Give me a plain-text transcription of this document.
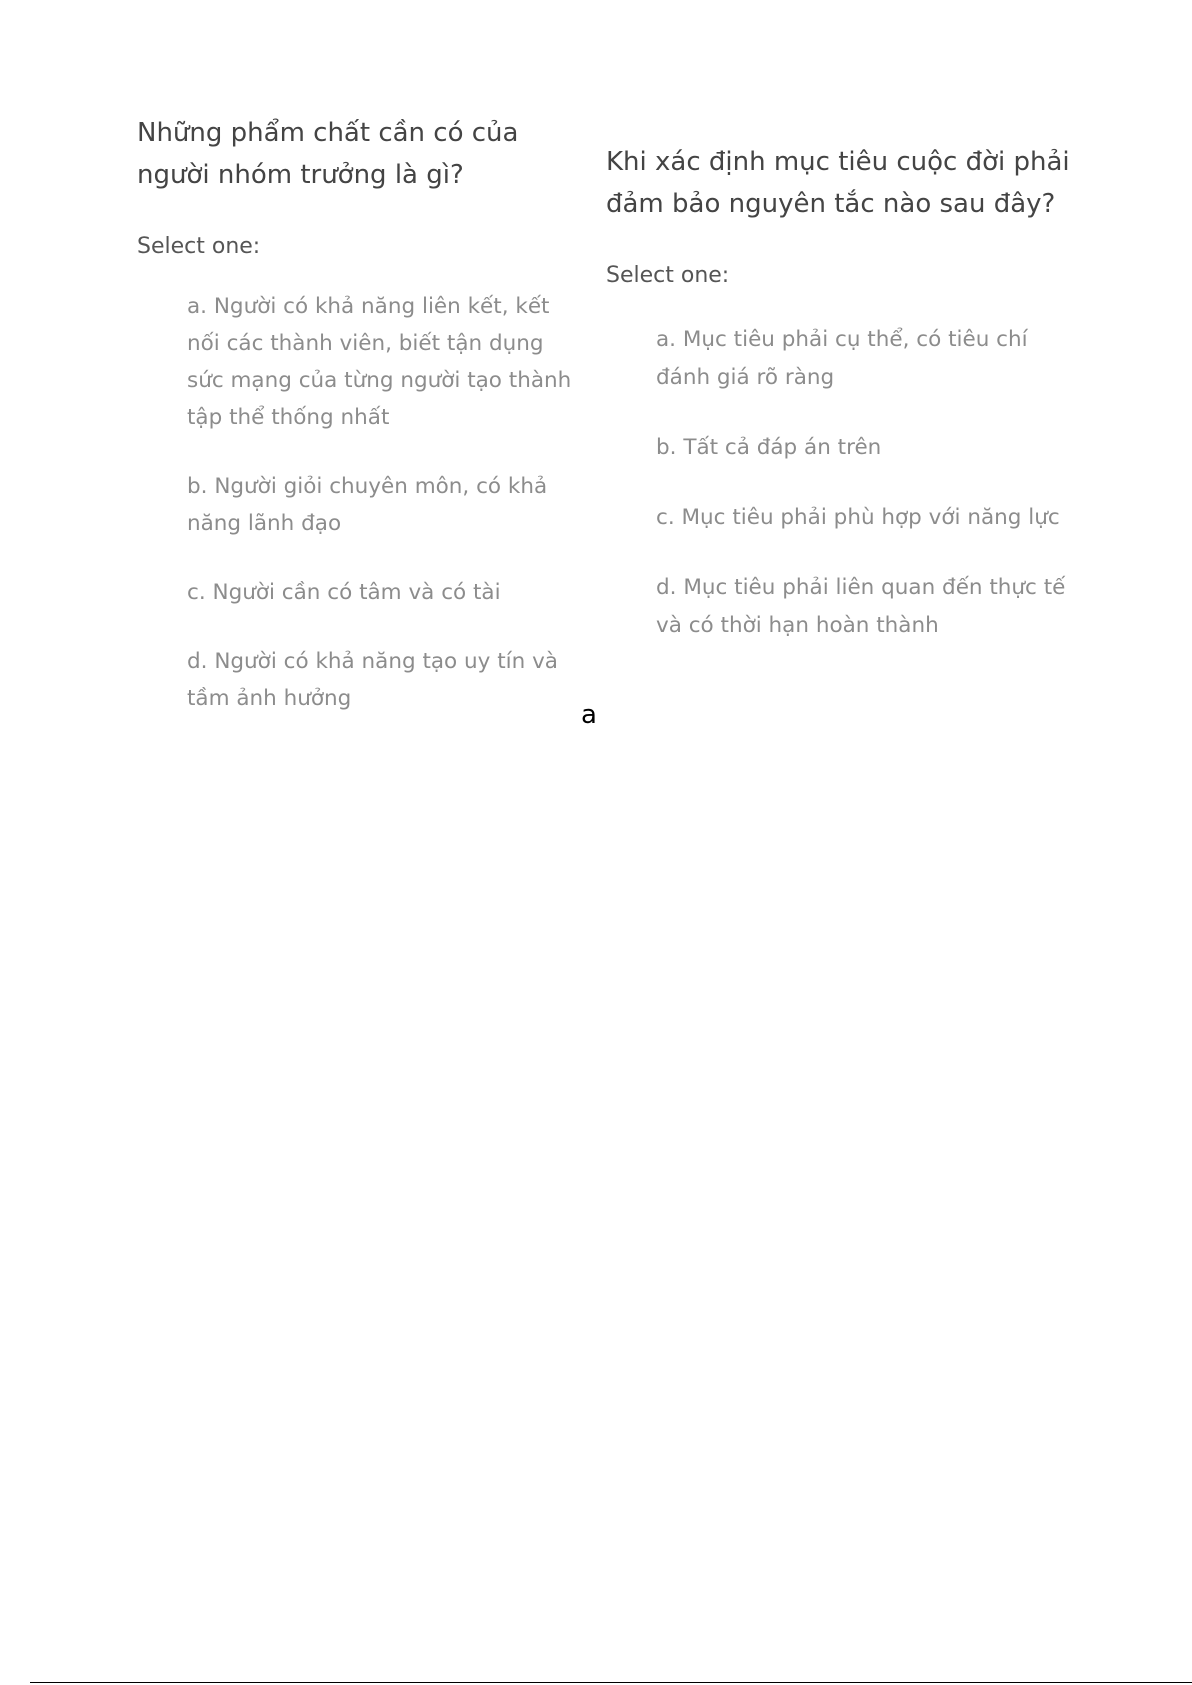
Những phẩm chất cần có của người nhóm trưởng là gì?
Select one:
a. Người có khả năng liên kết, kết nối các thành viên, biết tận dụng sức mạng của từng người tạo thành tập thể thống nhất
b. Người giỏi chuyên môn, có khả năng lãnh đạo
c. Người cần có tâm và có tài
d. Người có khả năng tạo uy tín và tầm ảnh hưởng
Khi xác định mục tiêu cuộc đời phải đảm bảo nguyên tắc nào sau đây?
Select one:
a. Mục tiêu phải cụ thể, có tiêu chí đánh giá rõ ràng
b. Tất cả đáp án trên
c. Mục tiêu phải phù hợp với năng lực
d. Mục tiêu phải liên quan đến thực tế và có thời hạn hoàn thành
a
